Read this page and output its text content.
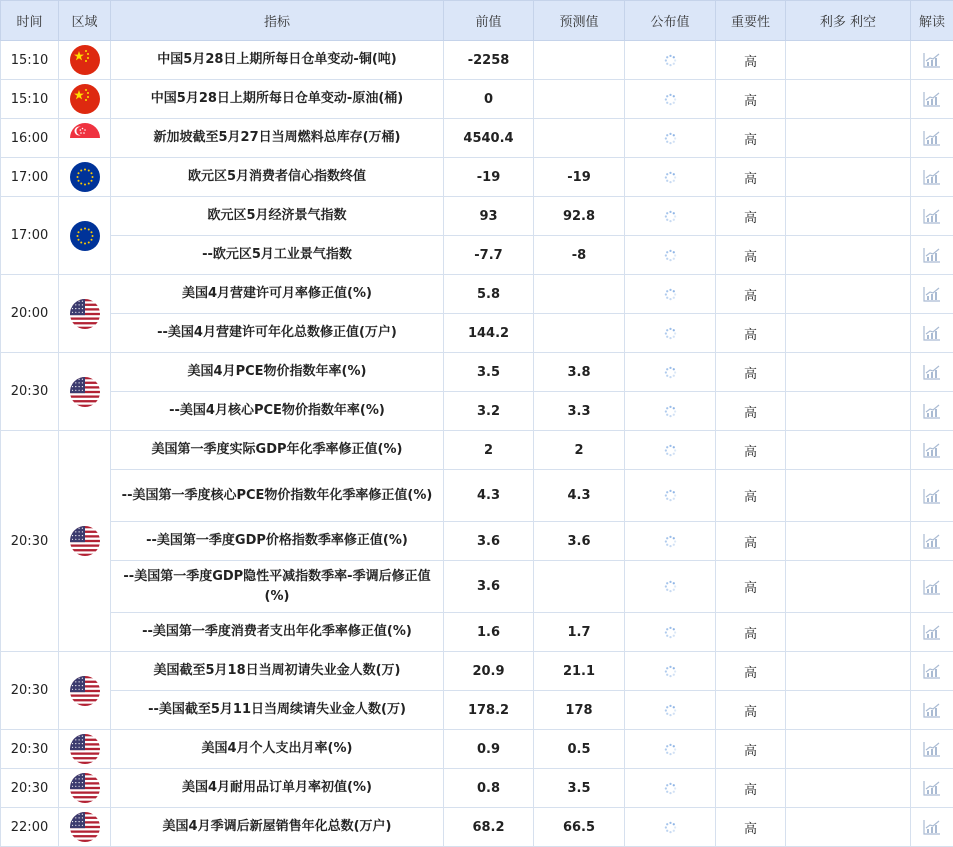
时间	区域	指标	前值	预测值	公布值	重要性	利多 利空	解读
15:10		中国5月28日上期所每日仓单变动-铜(吨)	-2258			高		
15:10		中国5月28日上期所每日仓单变动-原油(桶)	0			高		
16:00		新加坡截至5月27日当周燃料总库存(万桶)	4540.4			高		
17:00		欧元区5月消费者信心指数终值	-19	-19		高		
17:00		欧元区5月经济景气指数	93	92.8		高		
		--欧元区5月工业景气指数	-7.7	-8		高		
20:00		美国4月营建许可月率修正值(%)	5.8			高		
		--美国4月营建许可年化总数修正值(万户)	144.2			高		
20:30		美国4月PCE物价指数年率(%)	3.5	3.8		高		
		--美国4月核心PCE物价指数年率(%)	3.2	3.3		高		
20:30		美国第一季度实际GDP年化季率修正值(%)	2	2		高		
		--美国第一季度核心PCE物价指数年化季率修正值(%)	4.3	4.3		高		
		--美国第一季度GDP价格指数季率修正值(%)	3.6	3.6		高		
		--美国第一季度GDP隐性平减指数季率-季调后修正值(%)	3.6			高		
		--美国第一季度消费者支出年化季率修正值(%)	1.6	1.7		高		
20:30		美国截至5月18日当周初请失业金人数(万)	20.9	21.1		高		
		--美国截至5月11日当周续请失业金人数(万)	178.2	178		高		
20:30		美国4月个人支出月率(%)	0.9	0.5		高		
20:30		美国4月耐用品订单月率初值(%)	0.8	3.5		高		
22:00		美国4月季调后新屋销售年化总数(万户)	68.2	66.5		高		
